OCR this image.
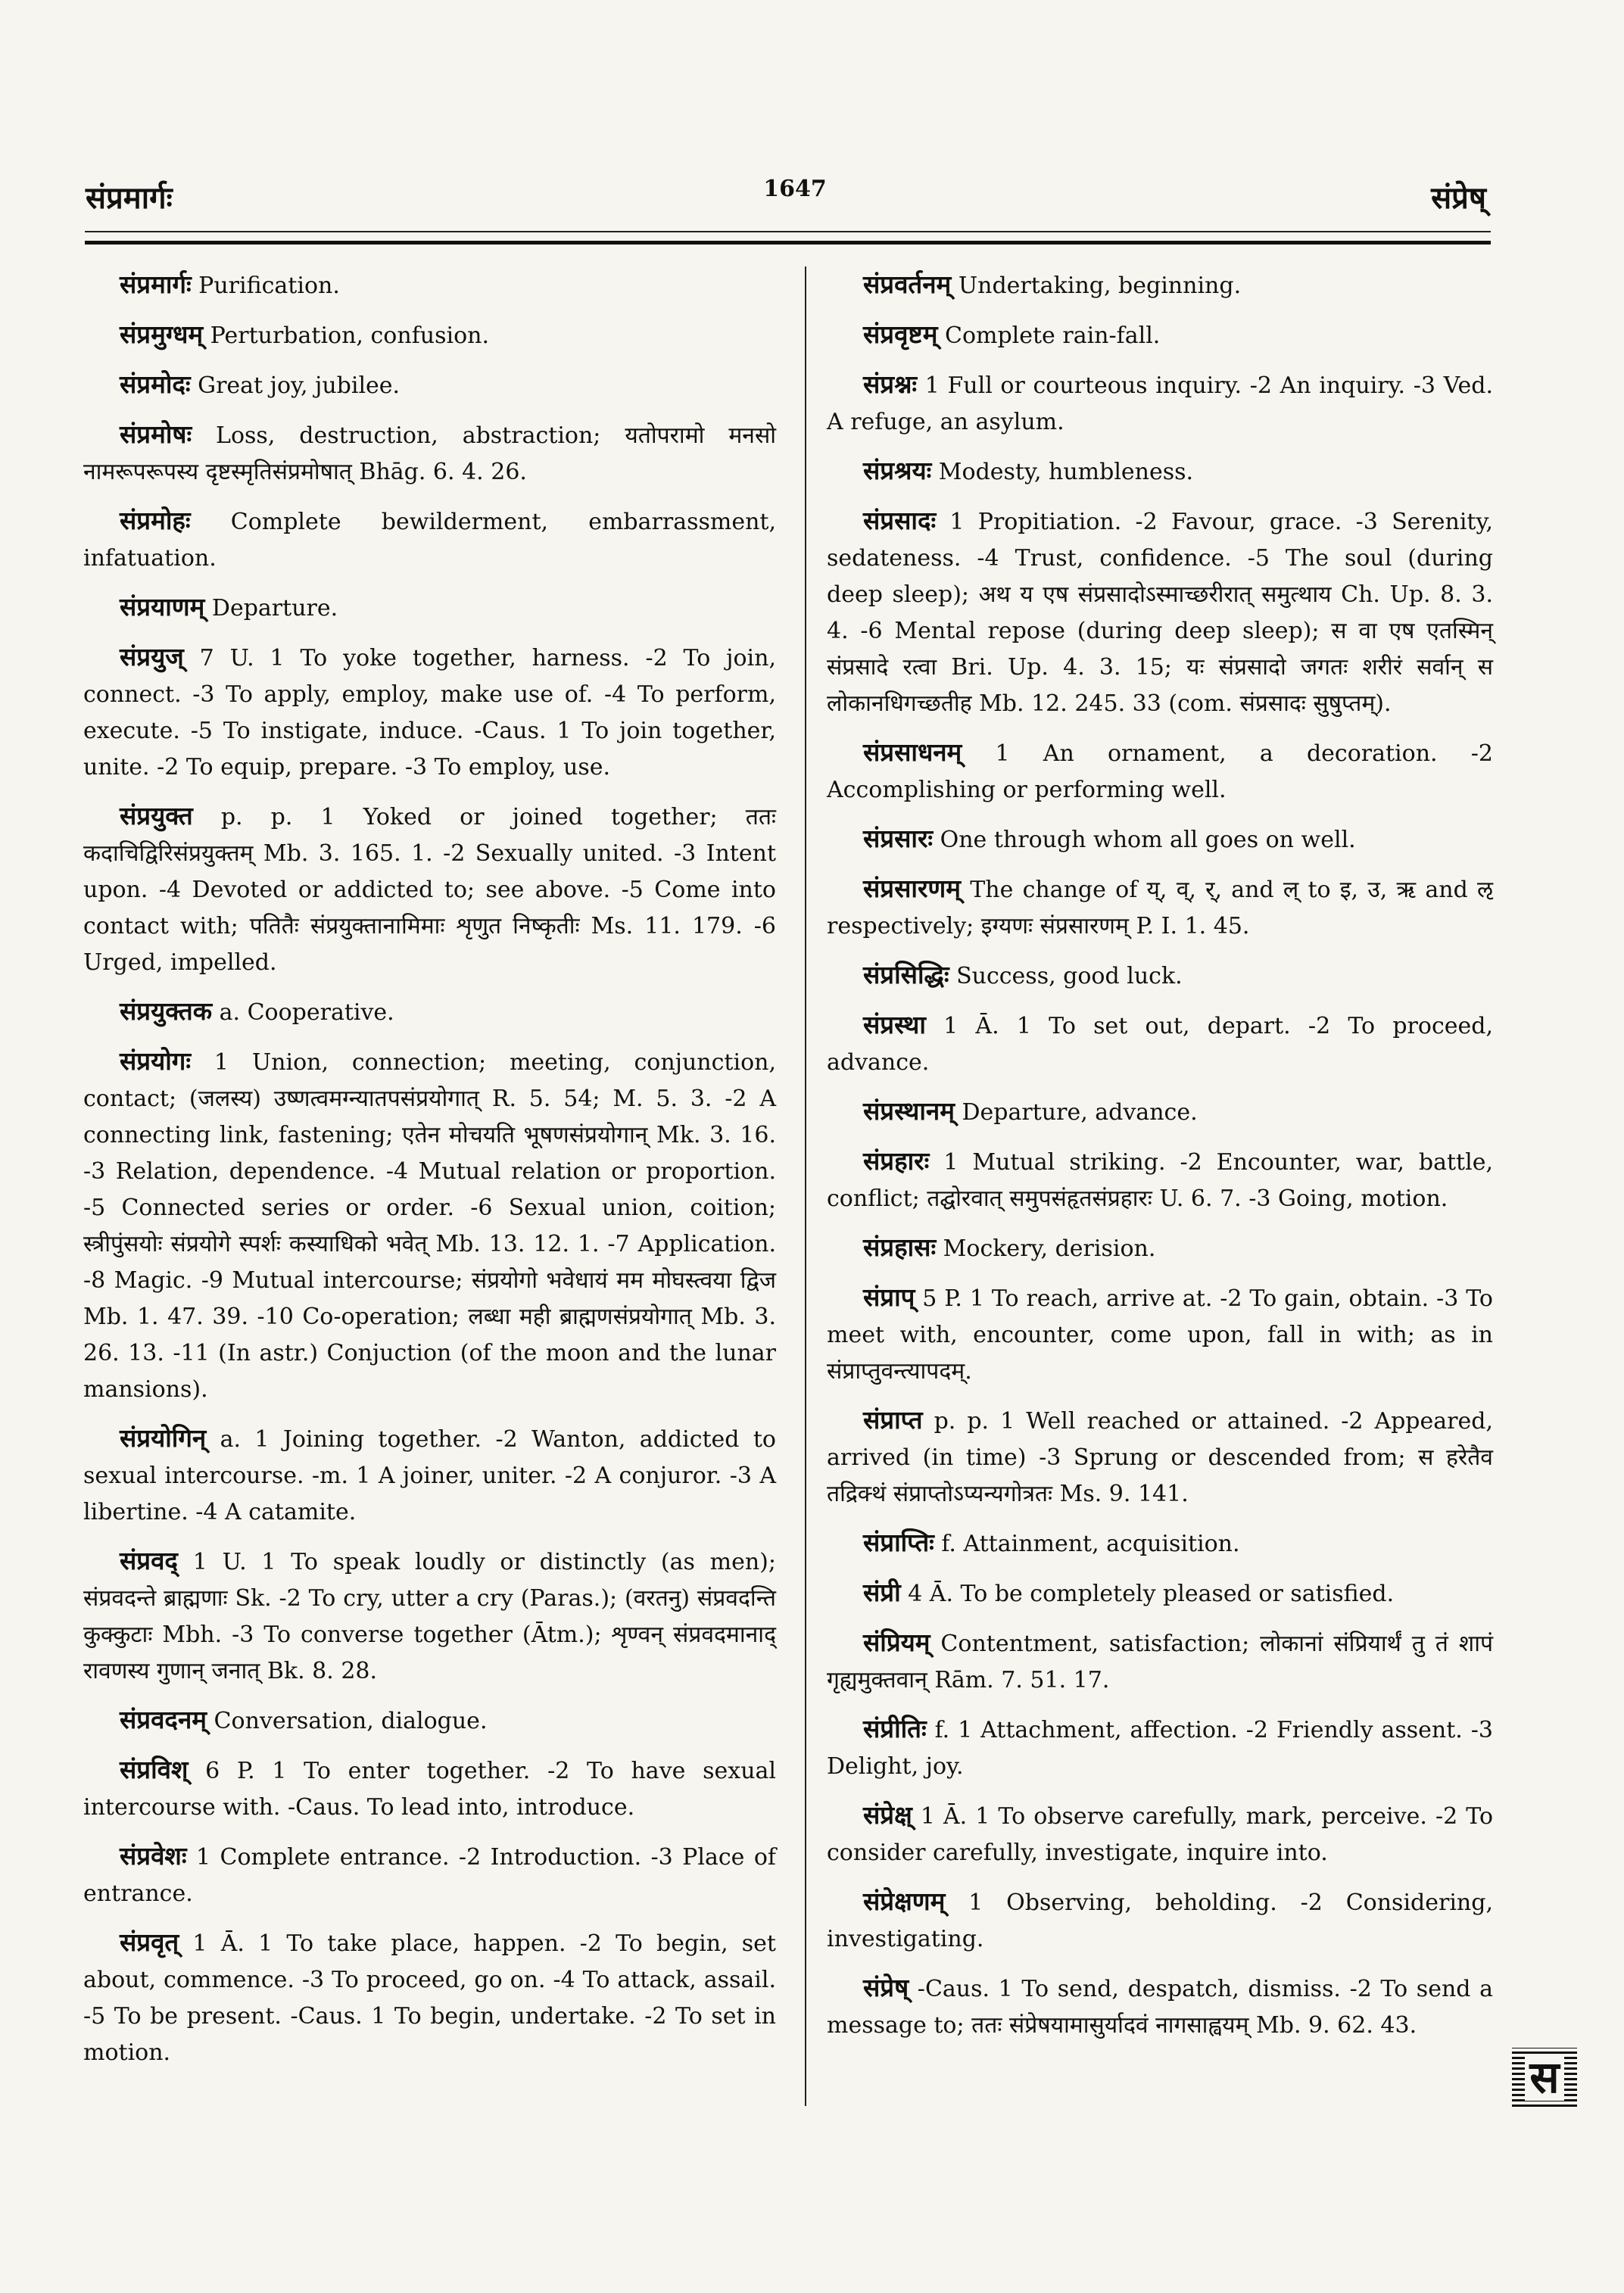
संप्रमार्गः	1647	संप्रेष्

संप्रमार्गः Purification.

संप्रमुग्धम् Perturbation, confusion.

संप्रमोदः Great joy, jubilee.

संप्रमोषः Loss, destruction, abstraction; यतोपरामो मनसो नामरूपरूपस्य दृष्टस्मृतिसंप्रमोषात् Bhāg. 6. 4. 26.

संप्रमोहः Complete bewilderment, embarrassment, infatuation.

संप्रयाणम् Departure.

संप्रयुज् 7 U. 1 To yoke together, harness. -2 To join, connect. -3 To apply, employ, make use of. -4 To perform, execute. -5 To instigate, induce. -Caus. 1 To join together, unite. -2 To equip, prepare. -3 To employ, use.

संप्रयुक्त p. p. 1 Yoked or joined together; ततः कदाचिद्विरिसंप्रयुक्तम् Mb. 3. 165. 1. -2 Sexually united. -3 Intent upon. -4 Devoted or addicted to; see above. -5 Come into contact with; पतितैः संप्रयुक्तानामिमाः शृणुत निष्कृतीः Ms. 11. 179. -6 Urged, impelled.

संप्रयुक्तक a. Cooperative.

संप्रयोगः 1 Union, connection; meeting, conjunction, contact; (जलस्य) उष्णत्वमग्न्यातपसंप्रयोगात् R. 5. 54; M. 5. 3. -2 A connecting link, fastening; एतेन मोचयति भूषणसंप्रयोगान् Mk. 3. 16. -3 Relation, dependence. -4 Mutual relation or proportion. -5 Connected series or order. -6 Sexual union, coition; स्त्रीपुंसयोः संप्रयोगे स्पर्शः कस्याधिको भवेत् Mb. 13. 12. 1. -7 Application. -8 Magic. -9 Mutual intercourse; संप्रयोगो भवेधायं मम मोघस्त्वया द्विज Mb. 1. 47. 39. -10 Co-operation; लब्धा मही ब्राह्मणसंप्रयोगात् Mb. 3. 26. 13. -11 (In astr.) Conjuction (of the moon and the lunar mansions).

संप्रयोगिन् a. 1 Joining together. -2 Wanton, addicted to sexual intercourse. -m. 1 A joiner, uniter. -2 A conjuror. -3 A libertine. -4 A catamite.

संप्रवद् 1 U. 1 To speak loudly or distinctly (as men); संप्रवदन्ते ब्राह्मणाः Sk. -2 To cry, utter a cry (Paras.); (वरतनु) संप्रवदन्ति कुक्कुटाः Mbh. -3 To converse together (Ātm.); शृण्वन् संप्रवदमानाद् रावणस्य गुणान् जनात् Bk. 8. 28.

संप्रवदनम् Conversation, dialogue.

संप्रविश् 6 P. 1 To enter together. -2 To have sexual intercourse with. -Caus. To lead into, introduce.

संप्रवेशः 1 Complete entrance. -2 Introduction. -3 Place of entrance.

संप्रवृत् 1 Ā. 1 To take place, happen. -2 To begin, set about, commence. -3 To proceed, go on. -4 To attack, assail. -5 To be present. -Caus. 1 To begin, undertake. -2 To set in motion.

संप्रवर्तनम् Undertaking, beginning.

संप्रवृष्टम् Complete rain-fall.

संप्रश्नः 1 Full or courteous inquiry. -2 An inquiry. -3 Ved. A refuge, an asylum.

संप्रश्रयः Modesty, humbleness.

संप्रसादः 1 Propitiation. -2 Favour, grace. -3 Serenity, sedateness. -4 Trust, confidence. -5 The soul (during deep sleep); अथ य एष संप्रसादोऽस्माच्छरीरात् समुत्थाय Ch. Up. 8. 3. 4. -6 Mental repose (during deep sleep); स वा एष एतस्मिन् संप्रसादे रत्वा Bri. Up. 4. 3. 15; यः संप्रसादो जगतः शरीरं सर्वान् स लोकानधिगच्छतीह Mb. 12. 245. 33 (com. संप्रसादः सुषुप्तम्).

संप्रसाधनम् 1 An ornament, a decoration. -2 Accomplishing or performing well.

संप्रसारः One through whom all goes on well.

संप्रसारणम् The change of य्, व्, र्, and ल् to इ, उ, ऋ and ऌ respectively; इग्यणः संप्रसारणम् P. I. 1. 45.

संप्रसिद्धिः Success, good luck.

संप्रस्था 1 Ā. 1 To set out, depart. -2 To proceed, advance.

संप्रस्थानम् Departure, advance.

संप्रहारः 1 Mutual striking. -2 Encounter, war, battle, conflict; तद्घोरवात् समुपसंहृतसंप्रहारः U. 6. 7. -3 Going, motion.

संप्रहासः Mockery, derision.

संप्राप् 5 P. 1 To reach, arrive at. -2 To gain, obtain. -3 To meet with, encounter, come upon, fall in with; as in संप्राप्तुवन्त्यापदम्.

संप्राप्त p. p. 1 Well reached or attained. -2 Appeared, arrived (in time) -3 Sprung or descended from; स हरेतैव तद्रिक्थं संप्राप्तोऽप्यन्यगोत्रतः Ms. 9. 141.

संप्राप्तिः f. Attainment, acquisition.

संप्री 4 Ā. To be completely pleased or satisfied.

संप्रियम् Contentment, satisfaction; लोकानां संप्रियार्थं तु तं शापं गृह्यमुक्तवान् Rām. 7. 51. 17.

संप्रीतिः f. 1 Attachment, affection. -2 Friendly assent. -3 Delight, joy.

संप्रेक्ष् 1 Ā. 1 To observe carefully, mark, perceive. -2 To consider carefully, investigate, inquire into.

संप्रेक्षणम् 1 Observing, beholding. -2 Considering, investigating.

संप्रेष् -Caus. 1 To send, despatch, dismiss. -2 To send a message to; ततः संप्रेषयामासुर्यादवं नागसाह्वयम् Mb. 9. 62. 43.

स
